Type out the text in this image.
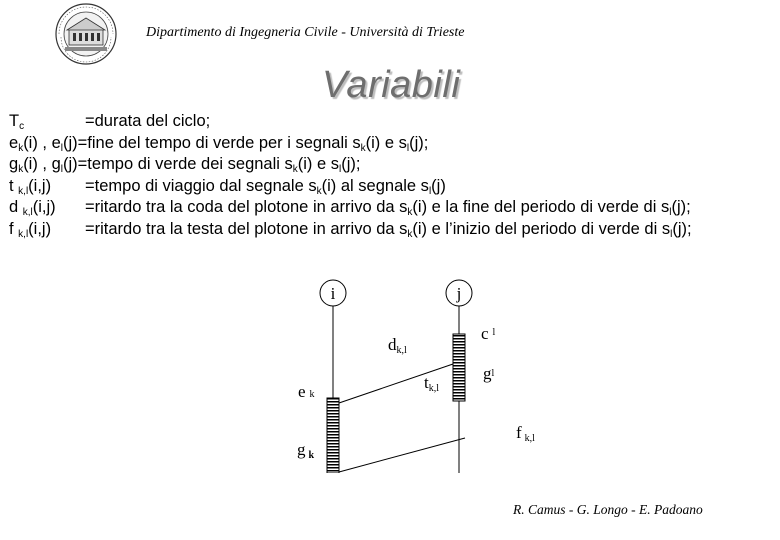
Dipartimento di Ingegneria Civile - Università di Trieste
Variabili
$T_c$	=durata del ciclo;
$e_k(i)$ , $e_l(j)=fine$ del tempo di verde per i segnali $s_k(i)$ e $s_l(j)$;
$g_k(i)$ , $g_l(j)=tempo$ di verde dei segnali $s_k(i)$ e $s_l(j)$;
t $_{k,l}$(i,j) =tempo di viaggio dal segnale $s_k(i)$ al segnale $s_l(j)$
d $_{k,l}$(i,j) =ritardo tra la coda del plotone in arrivo da $s_k(i)$ e la fine del periodo di verde di $s_l(j)$;
f $_{k,l}$(i,j) =ritardo tra la testa del plotone in arrivo da $s_k(i)$ e l’inizio del periodo di verde di $s_l(j)$;
i	j
dk,l
c $^l$
tk,l
gl
ek
fk,l
gk
R. Camus - G. Longo - E. Padoano
